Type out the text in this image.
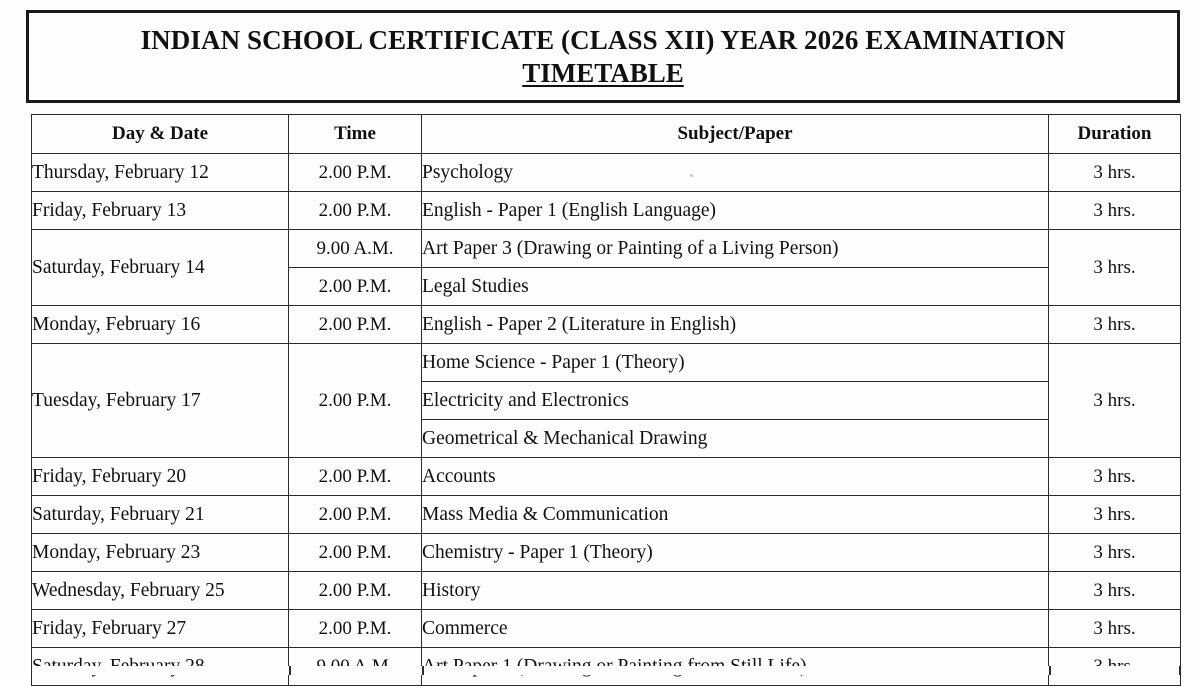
INDIAN SCHOOL CERTIFICATE (CLASS XII) YEAR 2026 EXAMINATION
TIMETABLE
Day & Date	Time	Subject/Paper	Duration
Thursday, February 12	2.00 P.M.	Psychology	3 hrs.
Friday, February 13	2.00 P.M.	English - Paper 1 (English Language)	3 hrs.
Saturday, February 14	9.00 A.M.	Art Paper 3 (Drawing or Painting of a Living Person)	3 hrs.
	2.00 P.M.	Legal Studies	
Monday, February 16	2.00 P.M.	English - Paper 2 (Literature in English)	3 hrs.
Tuesday, February 17	2.00 P.M.	Home Science - Paper 1 (Theory)	3 hrs.
		Electricity and Electronics	
		Geometrical & Mechanical Drawing	
Friday, February 20	2.00 P.M.	Accounts	3 hrs.
Saturday, February 21	2.00 P.M.	Mass Media & Communication	3 hrs.
Monday, February 23	2.00 P.M.	Chemistry - Paper 1 (Theory)	3 hrs.
Wednesday, February 25	2.00 P.M.	History	3 hrs.
Friday, February 27	2.00 P.M.	Commerce	3 hrs.
